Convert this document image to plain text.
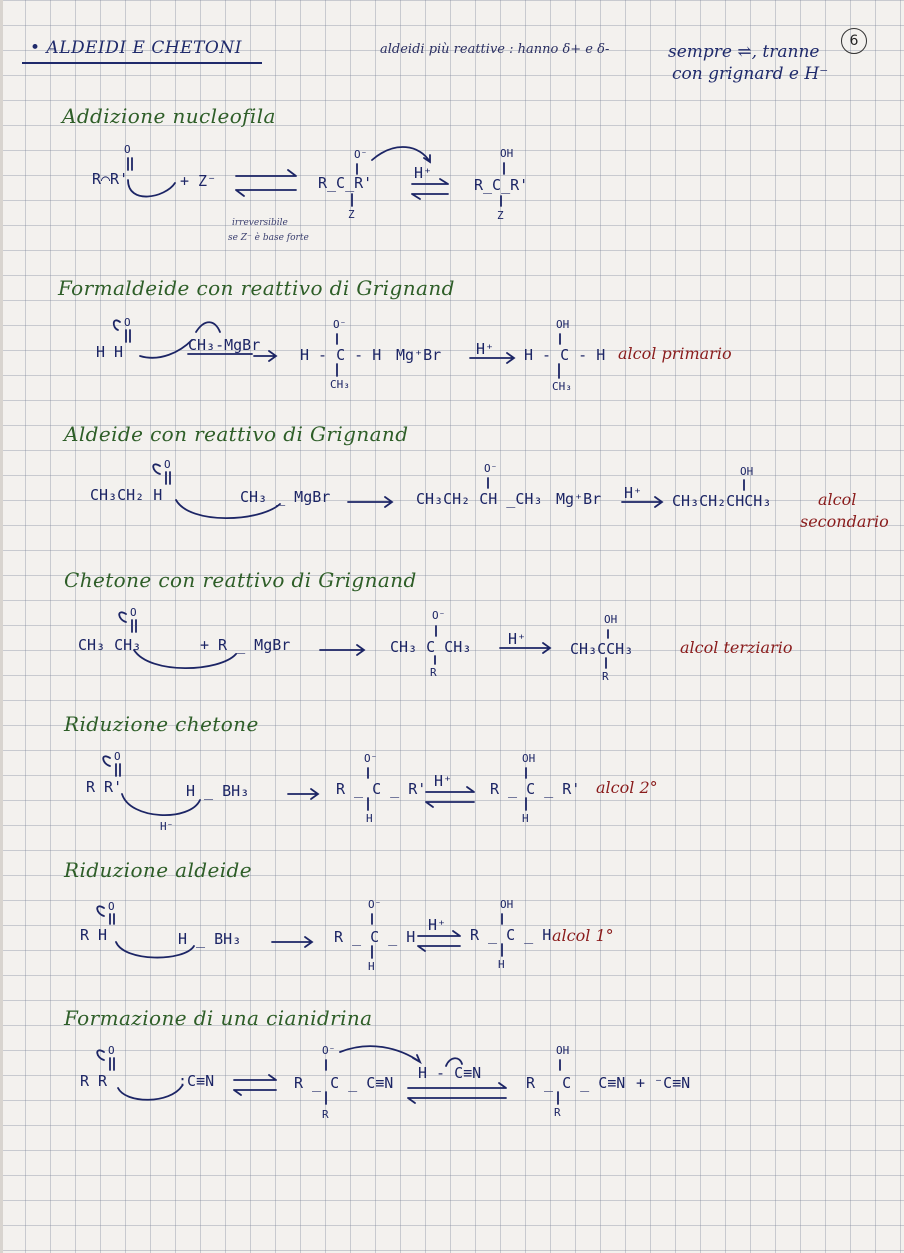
6
• ALDEIDI E CHETONI	aldeidi più reattive : hanno δ+ e δ-	sempre ⇌, tranne
con grignard e H⁻
Addizione nucleofila
O
R⌒R'	+ Z⁻
irreversibile
se Z⁻ è base forte
O⁻
R_C_R'
Z
H⁺
OH
R_C_R'
Z
Formaldeide con reattivo di Grignand
O
H H	CH₃-MgBr
O⁻
H - C - H
CH₃
Mg⁺Br H⁺
OH
H - C - H
CH₃
alcol primario
Aldeide con reattivo di Grignand
O
CH₃CH₂ H	CH₃ _ MgBr
O⁻
CH₃CH₂ CH _CH₃ Mg⁺Br H⁺
OH
CH₃CH₂CHCH₃	alcol
secondario
Chetone con reattivo di Grignand
O
CH₃ CH₃	+ R _ MgBr
O⁻
CH₃ C CH₃
R
H⁺
OH
CH₃CCH₃
R
alcol terziario
Riduzione chetone
O
R R'	H _ BH₃
H⁻
O⁻
R _ C _ R'
H
H⁺
OH
R _ C _ R'
H
alcol 2°
Riduzione aldeide
O
R H	H _ BH₃
O⁻
R _ C _ H
H
H⁺
OH
R _ C _ H
H
alcol 1°
Formazione di una cianidrina
O
R R	:C≡N
O⁻
R _ C _ C≡N
R
H - C≡N
OH
R _ C _ C≡N
R
+ ⁻C≡N
